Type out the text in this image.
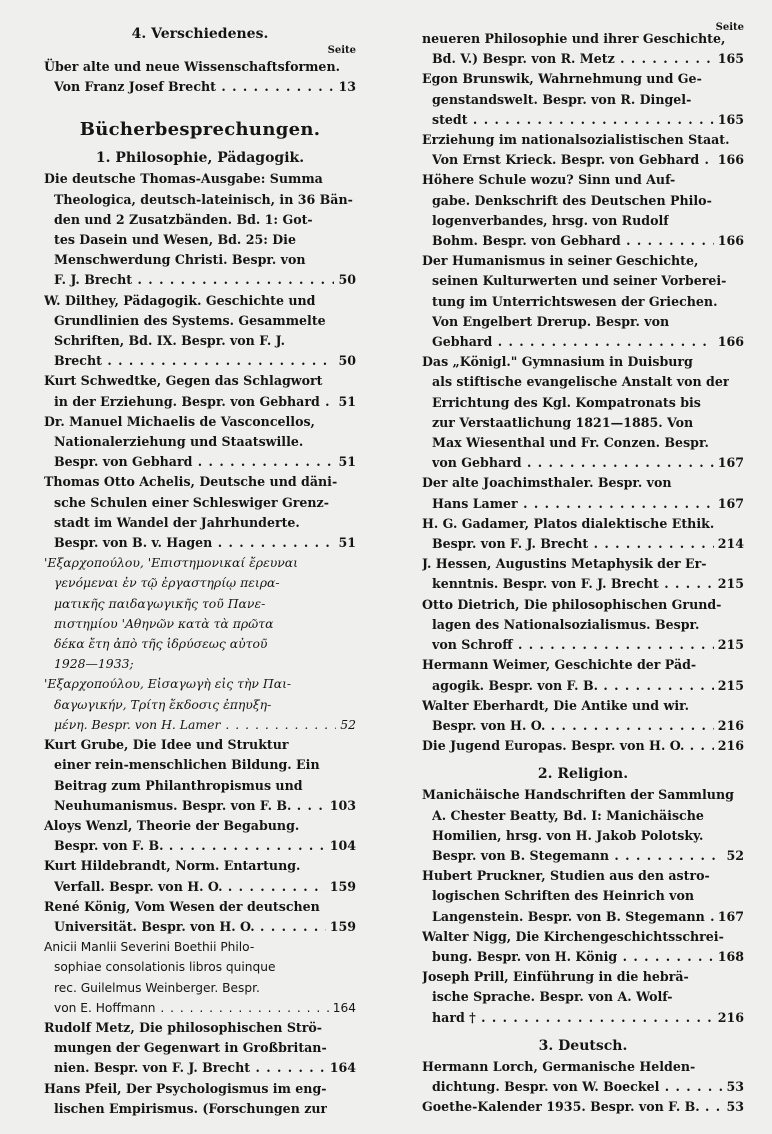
4. Verschiedenes.
Seite
Über alte und neue Wissenschaftsformen.
Von Franz Josef Brecht . . .	13
Bücherbesprechungen.
1. Philosophie, Pädagogik.
Die deutsche Thomas-Ausgabe: Summa
Theologica, deutsch-lateinisch, in 36 Bän-
den und 2 Zusatzbänden. Bd. 1: Got-
tes Dasein und Wesen, Bd. 25: Die
Menschwerdung Christi. Bespr. von
F. J. Brecht . . .	50
W. Dilthey, Pädagogik. Geschichte und
Grundlinien des Systems. Gesammelte
Schriften, Bd. IX. Bespr. von F. J.
Brecht . . .	50
Kurt Schwedtke, Gegen das Schlagwort
in der Erziehung. Bespr. von Gebhard . . .	51
Dr. Manuel Michaelis de Vasconcellos,
Nationalerziehung und Staatswille.
Bespr. von Gebhard . . .	51
Thomas Otto Achelis, Deutsche und däni-
sche Schulen einer Schleswiger Grenz-
stadt im Wandel der Jahrhunderte.
Bespr. von B. v. Hagen . . .	51
'Εξαρχοπούλου, 'Επιστημονικαί ἔρευναι
γενόμεναι ἐν τῷ ἐργαστηρίῳ πειρα-
ματικῆς παιδαγωγικῆς τοῦ Πανε-
πιστημίου 'Αθηνῶν κατὰ τὰ πρῶτα
δέκα ἔτη ἀπὸ τῆς ἱδρύσεως αὐτοῦ
1928—1933;
'Εξαρχοπούλου, Εἰσαγωγὴ εἰς τὴν Παι-
δαγωγικήν, Τρίτη ἔκδοσις ἐπηυξη-
μένη. Bespr. von H. Lamer . . .	52
Kurt Grube, Die Idee und Struktur
einer rein-menschlichen Bildung. Ein
Beitrag zum Philanthropismus und
Neuhumanismus. Bespr. von F. B. . . .	103
Aloys Wenzl, Theorie der Begabung.
Bespr. von F. B. . . .	104
Kurt Hildebrandt, Norm. Entartung.
Verfall. Bespr. von H. O. . . .	159
René König, Vom Wesen der deutschen
Universität. Bespr. von H. O. . . .	159
Anicii Manlii Severini Boethii Philo-
sophiae consolationis libros quinque
rec. Guilelmus Weinberger. Bespr.
von E. Hoffmann . . .	164
Rudolf Metz, Die philosophischen Strö-
mungen der Gegenwart in Großbritan-
nien. Bespr. von F. J. Brecht . . .	164
Hans Pfeil, Der Psychologismus im eng-
lischen Empirismus. (Forschungen zur
Seite
neueren Philosophie und ihrer Geschichte,
Bd. V.) Bespr. von R. Metz . . .	165
Egon Brunswik, Wahrnehmung und Ge-
genstandswelt. Bespr. von R. Dingel-
stedt . . .	165
Erziehung im nationalsozialistischen Staat.
Von Ernst Krieck. Bespr. von Gebhard . . .	166
Höhere Schule wozu? Sinn und Auf-
gabe. Denkschrift des Deutschen Philo-
logenverbandes, hrsg. von Rudolf
Bohm. Bespr. von Gebhard . . .	166
Der Humanismus in seiner Geschichte,
seinen Kulturwerten und seiner Vorberei-
tung im Unterrichtswesen der Griechen.
Von Engelbert Drerup. Bespr. von
Gebhard . . .	166
Das „Königl." Gymnasium in Duisburg
als stiftische evangelische Anstalt von der
Errichtung des Kgl. Kompatronats bis
zur Verstaatlichung 1821—1885. Von
Max Wiesenthal und Fr. Conzen. Bespr.
von Gebhard . . .	167
Der alte Joachimsthaler. Bespr. von
Hans Lamer . . .	167
H. G. Gadamer, Platos dialektische Ethik.
Bespr. von F. J. Brecht . . .	214
J. Hessen, Augustins Metaphysik der Er-
kenntnis. Bespr. von F. J. Brecht . . .	215
Otto Dietrich, Die philosophischen Grund-
lagen des Nationalsozialismus. Bespr.
von Schroff . . .	215
Hermann Weimer, Geschichte der Päd-
agogik. Bespr. von F. B. . . .	215
Walter Eberhardt, Die Antike und wir.
Bespr. von H. O. . . .	216
Die Jugend Europas. Bespr. von H. O. . . .	216
2. Religion.
Manichäische Handschriften der Sammlung
A. Chester Beatty, Bd. I: Manichäische
Homilien, hrsg. von H. Jakob Polotsky.
Bespr. von B. Stegemann . . .	52
Hubert Pruckner, Studien aus den astro-
logischen Schriften des Heinrich von
Langenstein. Bespr. von B. Stegemann . . .	167
Walter Nigg, Die Kirchengeschichtsschrei-
bung. Bespr. von H. König . . .	168
Joseph Prill, Einführung in die hebrä-
ische Sprache. Bespr. von A. Wolf-
hard † . . .	216
3. Deutsch.
Hermann Lorch, Germanische Helden-
dichtung. Bespr. von W. Boeckel . . .	53
Goethe-Kalender 1935. Bespr. von F. B. . . .	53
